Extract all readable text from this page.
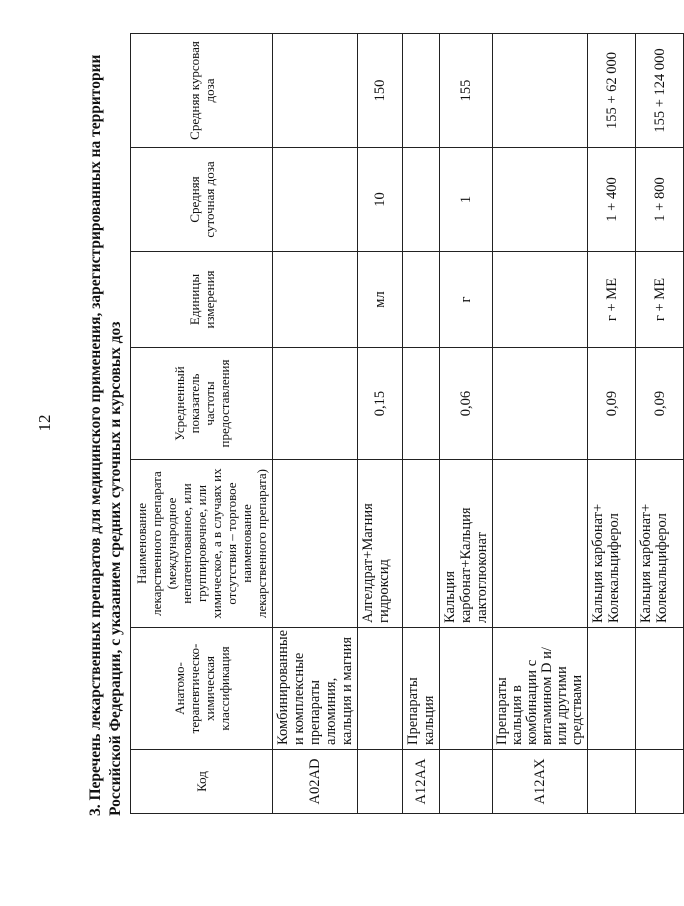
12 3. Перечень лекарственных препаратов для медицинского применения, зарегистрированных на территории Российской Федерации, с указанием средних суточных и курсовых доз	Код	Анатомо-терапевтическо-химическая классификация	Наименование лекарственного препарата (международное непатентованное, или группировочное, или химическое, а в случаях их отсутствия – торговое наименование лекарственного препарата)	Усредненный показатель частоты предоставления	Единицы измерения	Средняя суточная доза	Средняя курсовая доза
A02AD	Комбинированные и комплексные препараты алюминия, кальция и магния					
		Алгелдрат+Магния гидроксид	0,15	мл	10	150
A12AA	Препараты кальция					
		Кальция карбонат+Кальция лактоглюконат	0,06	г	1	155
A12AX	Препараты кальция в комбинации с витамином D и/или другими средствами					
		Кальция карбонат+ Колекальциферол	0,09	г + МЕ	1 + 400	155 + 62 000
		Кальция карбонат+ Колекальциферол	0,09	г + МЕ	1 + 800	155 + 124 000
